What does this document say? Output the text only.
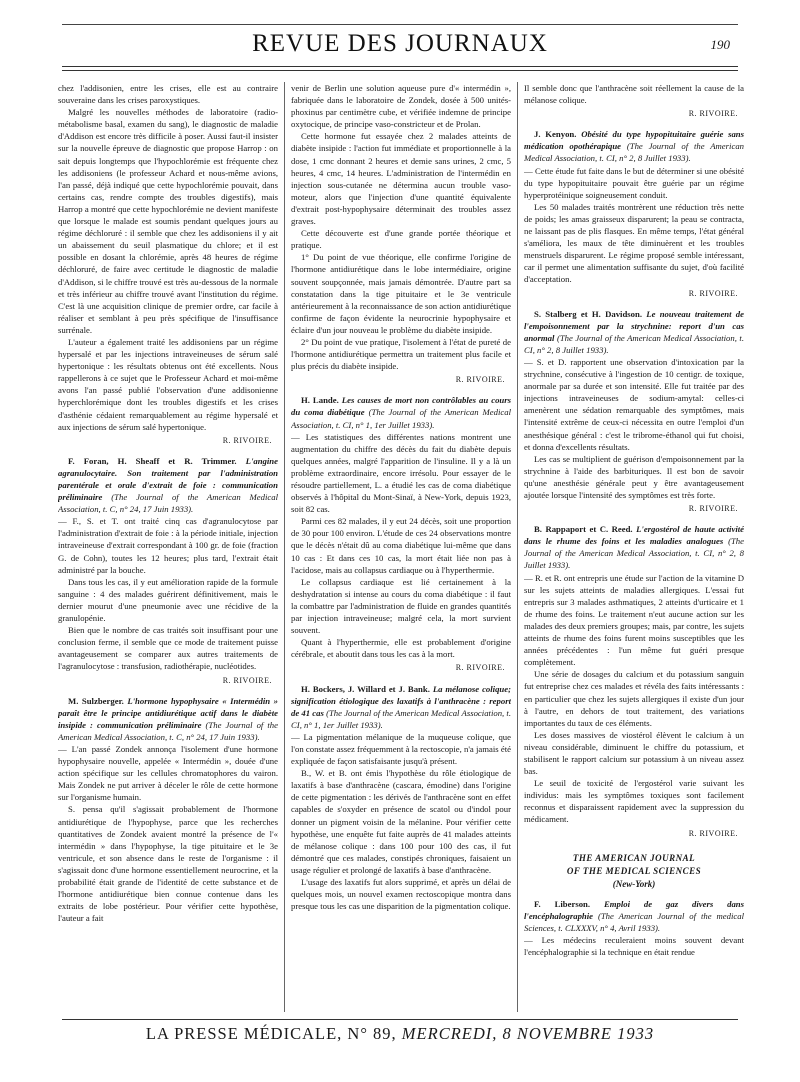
REVUE DES JOURNAUX	190

chez l'addisonien, entre les crises, elle est au contraire souveraine dans les crises paroxystiques.

Malgré les nouvelles méthodes de laboratoire (radio-métabolisme basal, examen du sang), le diagnostic de maladie d'Addison est encore très difficile à poser. Aussi faut-il insister sur la nouvelle épreuve de diagnostic que propose Harrop : on sait depuis longtemps que l'hypochlorémie est fréquente chez les addisoniens (le professeur Achard et nous-même avions, l'an passé, déjà indiqué que cette hypochlorémie pouvait, dans certains cas, rendre compte des troubles digestifs), mais Harrop a montré que cette hypochlorémie ne devient manifeste que lorsque le malade est soumis pendant quelques jours au régime déchloruré : il semble que chez les addisoniens il y ait un abaissement du seuil plasmatique du chlore; et il est possible en dosant la chlorémie, après 48 heures de régime déchloruré, de faire avec certitude le diagnostic de maladie d'Addison, si le chiffre trouvé est très au-dessous de la normale et très inférieur au chiffre trouvé avant l'institution du régime. C'est là une acquisition clinique de premier ordre, car facile à réaliser et semblant à peu près spécifique de l'insuffisance surrénale.

L'auteur a également traité les addisoniens par un régime hypersalé et par les injections intraveineuses de sérum salé hypertonique : les résultats obtenus ont été excellents. Nous rappellerons à ce sujet que le Professeur Achard et moi-même avons l'an passé publié l'observation d'une addisonienne hyperchlorémique dont les troubles digestifs et les crises d'asthénie cédaient remarquablement au régime hypersalé et aux injections de sérum salé hypertonique.

R. RIVOIRE.

F. Foran, H. Sheaff et R. Trimmer. L'angine agranulocytaire. Son traitement par l'administration parentérale et orale d'extrait de foie : communication préliminaire (The Journal of the American Medical Association, t. C, n° 24, 17 Juin 1933).

— F., S. et T. ont traité cinq cas d'agranulocytose par l'administration d'extrait de foie : à la période initiale, injection intraveineuse d'extrait correspondant à 100 gr. de foie (fraction G. de Cohn), toutes les 12 heures; plus tard, l'extrait était administré par la bouche.

Dans tous les cas, il y eut amélioration rapide de la formule sanguine : 4 des malades guérirent définitivement, mais le dernier mourut d'une pneumonie avec une récidive de la granulopénie.

Bien que le nombre de cas traités soit insuffisant pour une conclusion ferme, il semble que ce mode de traitement puisse avantageusement se comparer aux autres traitements de l'agranulocytose : transfusion, radiothérapie, nucléotides.

R. RIVOIRE.

M. Sulzberger. L'hormone hypophysaire « Intermédin » paraît être le principe antidiurétique actif dans le diabète insipide : communication préliminaire (The Journal of the American Medical Association, t. C, n° 24, 17 Juin 1933).

— L'an passé Zondek annonça l'isolement d'une hormone hypophysaire nouvelle, appelée « Intermédin », douée d'une action spécifique sur les cellules chromatophores du vairon. Mais Zondek ne put arriver à déceler le rôle de cette hormone sur l'organisme humain.

S. pensa qu'il s'agissait probablement de l'hormone antidiurétique de l'hypophyse, parce que les recherches quantitatives de Zondek avaient montré la présence de l'« intermédin » dans l'hypophyse, la tige pituitaire et le 3e ventricule, et son absence dans le reste de l'organisme : il s'agissait donc d'une hormone essentiellement neurocrine, et la probabilité était grande de l'identité de cette substance et de l'hormone antidiurétique bien connue contenue dans les extraits de lobe postérieur. Pour vérifier cette hypothèse, l'auteur a fait

venir de Berlin une solution aqueuse pure d'« intermédin », fabriquée dans le laboratoire de Zondek, dosée à 500 unités-phoxinus par centimètre cube, et vérifiée indemne de principe oxytocique, de principe vaso-constricteur et de Prolan.

Cette hormone fut essayée chez 2 malades atteints de diabète insipide : l'action fut immédiate et proportionnelle à la dose, 1 cmc donnant 2 heures et demie sans urines, 2 cmc, 5 heures, 4 cmc, 14 heures. L'administration de l'intermédin en injection sous-cutanée ne détermina aucun trouble vaso-moteur, alors que l'injection d'une quantité équivalente d'extrait post-hypophysaire déterminait des troubles assez graves.

Cette découverte est d'une grande portée théorique et pratique.

1° Du point de vue théorique, elle confirme l'origine de l'hormone antidiurétique dans le lobe intermédiaire, origine souvent soupçonnée, mais jamais démontrée. D'autre part sa constatation dans la tige pituitaire et le 3e ventricule antérieurement à la reconnaissance de son action antidiurétique confirme de façon évidente la neurocrinie hypophysaire et éclaire d'un jour nouveau le problème du diabète insipide.

2° Du point de vue pratique, l'isolement à l'état de pureté de l'hormone antidiurétique permettra un traitement plus facile et plus précis du diabète insipide.

R. RIVOIRE.

H. Lande. Les causes de mort non contrôlables au cours du coma diabétique (The Journal of the American Medical Association, t. CI, n° 1, 1er Juillet 1933).

— Les statistiques des différentes nations montrent une augmentation du chiffre des décès du fait du diabète depuis quelques années, malgré l'apparition de l'insuline. Il y a là un problème extraordinaire, encore irrésolu. Pour essayer de le résoudre partiellement, L. a étudié les cas de coma diabétique observés à l'hôpital du Mont-Sinaï, à New-York, depuis 1923, soit 82 cas.

Parmi ces 82 malades, il y eut 24 décès, soit une proportion de 30 pour 100 environ. L'étude de ces 24 observations montre que le décès n'était dû au coma diabétique lui-même que dans 10 cas : Et dans ces 10 cas, la mort était liée non pas à l'acidose, mais au collapsus cardiaque ou à l'hyperthermie.

Le collapsus cardiaque est lié certainement à la deshydratation si intense au cours du coma diabétique : il faut la combattre par l'administration de fluide en grandes quantités par injection intraveineuse; malgré cela, la mort survient souvent.

Quant à l'hyperthermie, elle est probablement d'origine cérébrale, et aboutit dans tous les cas à la mort.

R. RIVOIRE.

H. Bockers, J. Willard et J. Bank. La mélanose colique; signification étiologique des laxatifs à l'anthracène : report de 41 cas (The Journal of the American Medical Association, t. CI, n° 1, 1er Juillet 1933).

— La pigmentation mélanique de la muqueuse colique, que l'on constate assez fréquemment à la rectoscopie, n'a jamais été expliquée de façon satisfaisante jusqu'à présent.

B., W. et B. ont émis l'hypothèse du rôle étiologique de laxatifs à base d'anthracène (cascara, émodine) dans l'origine de cette pigmentation : les dérivés de l'anthracène sont en effet capables de s'oxyder en présence de scatol ou d'indol pour donner un pigment voisin de la mélanine. Pour vérifier cette hypothèse, une enquête fut faite auprès de 41 malades atteints de mélanose colique : dans 100 pour 100 des cas, il fut démontré que ces malades, constipés chroniques, faisaient un usage régulier et prolongé de laxatifs à base d'anthracène.

L'usage des laxatifs fut alors supprimé, et après un délai de quelques mois, un nouvel examen rectoscopique montra dans presque tous les cas une disparition de la pigmentation colique.

Il semble donc que l'anthracène soit réellement la cause de la mélanose colique.

R. RIVOIRE.

J. Kenyon. Obésité du type hypopituitaire guérie sans médication opothérapique (The Journal of the American Medical Association, t. CI, n° 2, 8 Juillet 1933).

— Cette étude fut faite dans le but de déterminer si une obésité du type hypopituitaire pouvait être guérie par un régime hyperprotéinique soigneusement conduit.

Les 50 malades traités montrèrent une réduction très nette de poids; les amas graisseux disparurent; la peau se contracta, ne laissant pas de plis flasques. En même temps, l'état général s'améliora, les maux de tête diminuèrent et les troubles menstruels disparurent. Le régime proposé semble intéressant, car il permet une alimentation suffisante du sujet, d'où facilité d'acceptation.

R. RIVOIRE.

S. Stalberg et H. Davidson. Le nouveau traitement de l'empoisonnement par la strychnine: report d'un cas anormal (The Journal of the American Medical Association, t. CI, n° 2, 8 Juillet 1933).

— S. et D. rapportent une observation d'intoxication par la strychnine, consécutive à l'ingestion de 10 centigr. de toxique, anormale par sa durée et son intensité. Elle fut traitée par des injections intraveineuses de sodium-amytal: celles-ci amenèrent une sédation remarquable des symptômes, mais l'intensité extrême de ceux-ci nécessita en outre l'emploi d'un anesthésique général : c'est le tribrome-éthanol qui fut choisi, et donna d'excellents résultats.

Les cas se multiplient de guérison d'empoisonnement par la strychnine à l'aide des barbituriques. Il est bon de savoir qu'une anesthésie générale peut y être avantageusement ajoutée lorsque l'intensité des symptômes est très forte.

R. RIVOIRE.

B. Rappaport et C. Reed. L'ergostérol de haute activité dans le rhume des foins et les maladies analogues (The Journal of the American Medical Association, t. CI, n° 2, 8 Juillet 1933).

— R. et R. ont entrepris une étude sur l'action de la vitamine D sur les sujets atteints de maladies allergiques. L'essai fut entrepris sur 3 malades asthmatiques, 2 atteints d'urticaire et 1 de rhume des foins. Le traitement n'eut aucune action sur les malades des deux premiers groupes; mais, par contre, les sujets atteints de rhume des foins furent moins susceptibles que les années précédentes : l'un même fut guéri presque complètement.

Une série de dosages du calcium et du potassium sanguin fut entreprise chez ces malades et révéla des faits intéressants : en particulier que chez les sujets allergiques il existe d'un jour à l'autre, en dehors de tout traitement, des variations importantes du taux de ces éléments.

Les doses massives de viostérol élèvent le calcium à un niveau considérable, diminuent le chiffre du potassium, et stabilisent le rapport calcium sur potassium à un niveau assez bas.

Le seuil de toxicité de l'ergostérol varie suivant les individus: mais les symptômes toxiques sont facilement reconnus et disparaissent rapidement avec la suppression du médicament.

R. RIVOIRE.
THE AMERICAN JOURNAL
OF THE MEDICAL SCIENCES
(New-York)

F. Liberson. Emploi de gaz divers dans l'encéphalographie (The American Journal of the medical Sciences, t. CLXXXV, n° 4, Avril 1933).

— Les médecins reculeraient moins souvent devant l'encéphalographie si la technique en était rendue

LA PRESSE MÉDICALE, N° 89, MERCREDI, 8 NOVEMBRE 1933
